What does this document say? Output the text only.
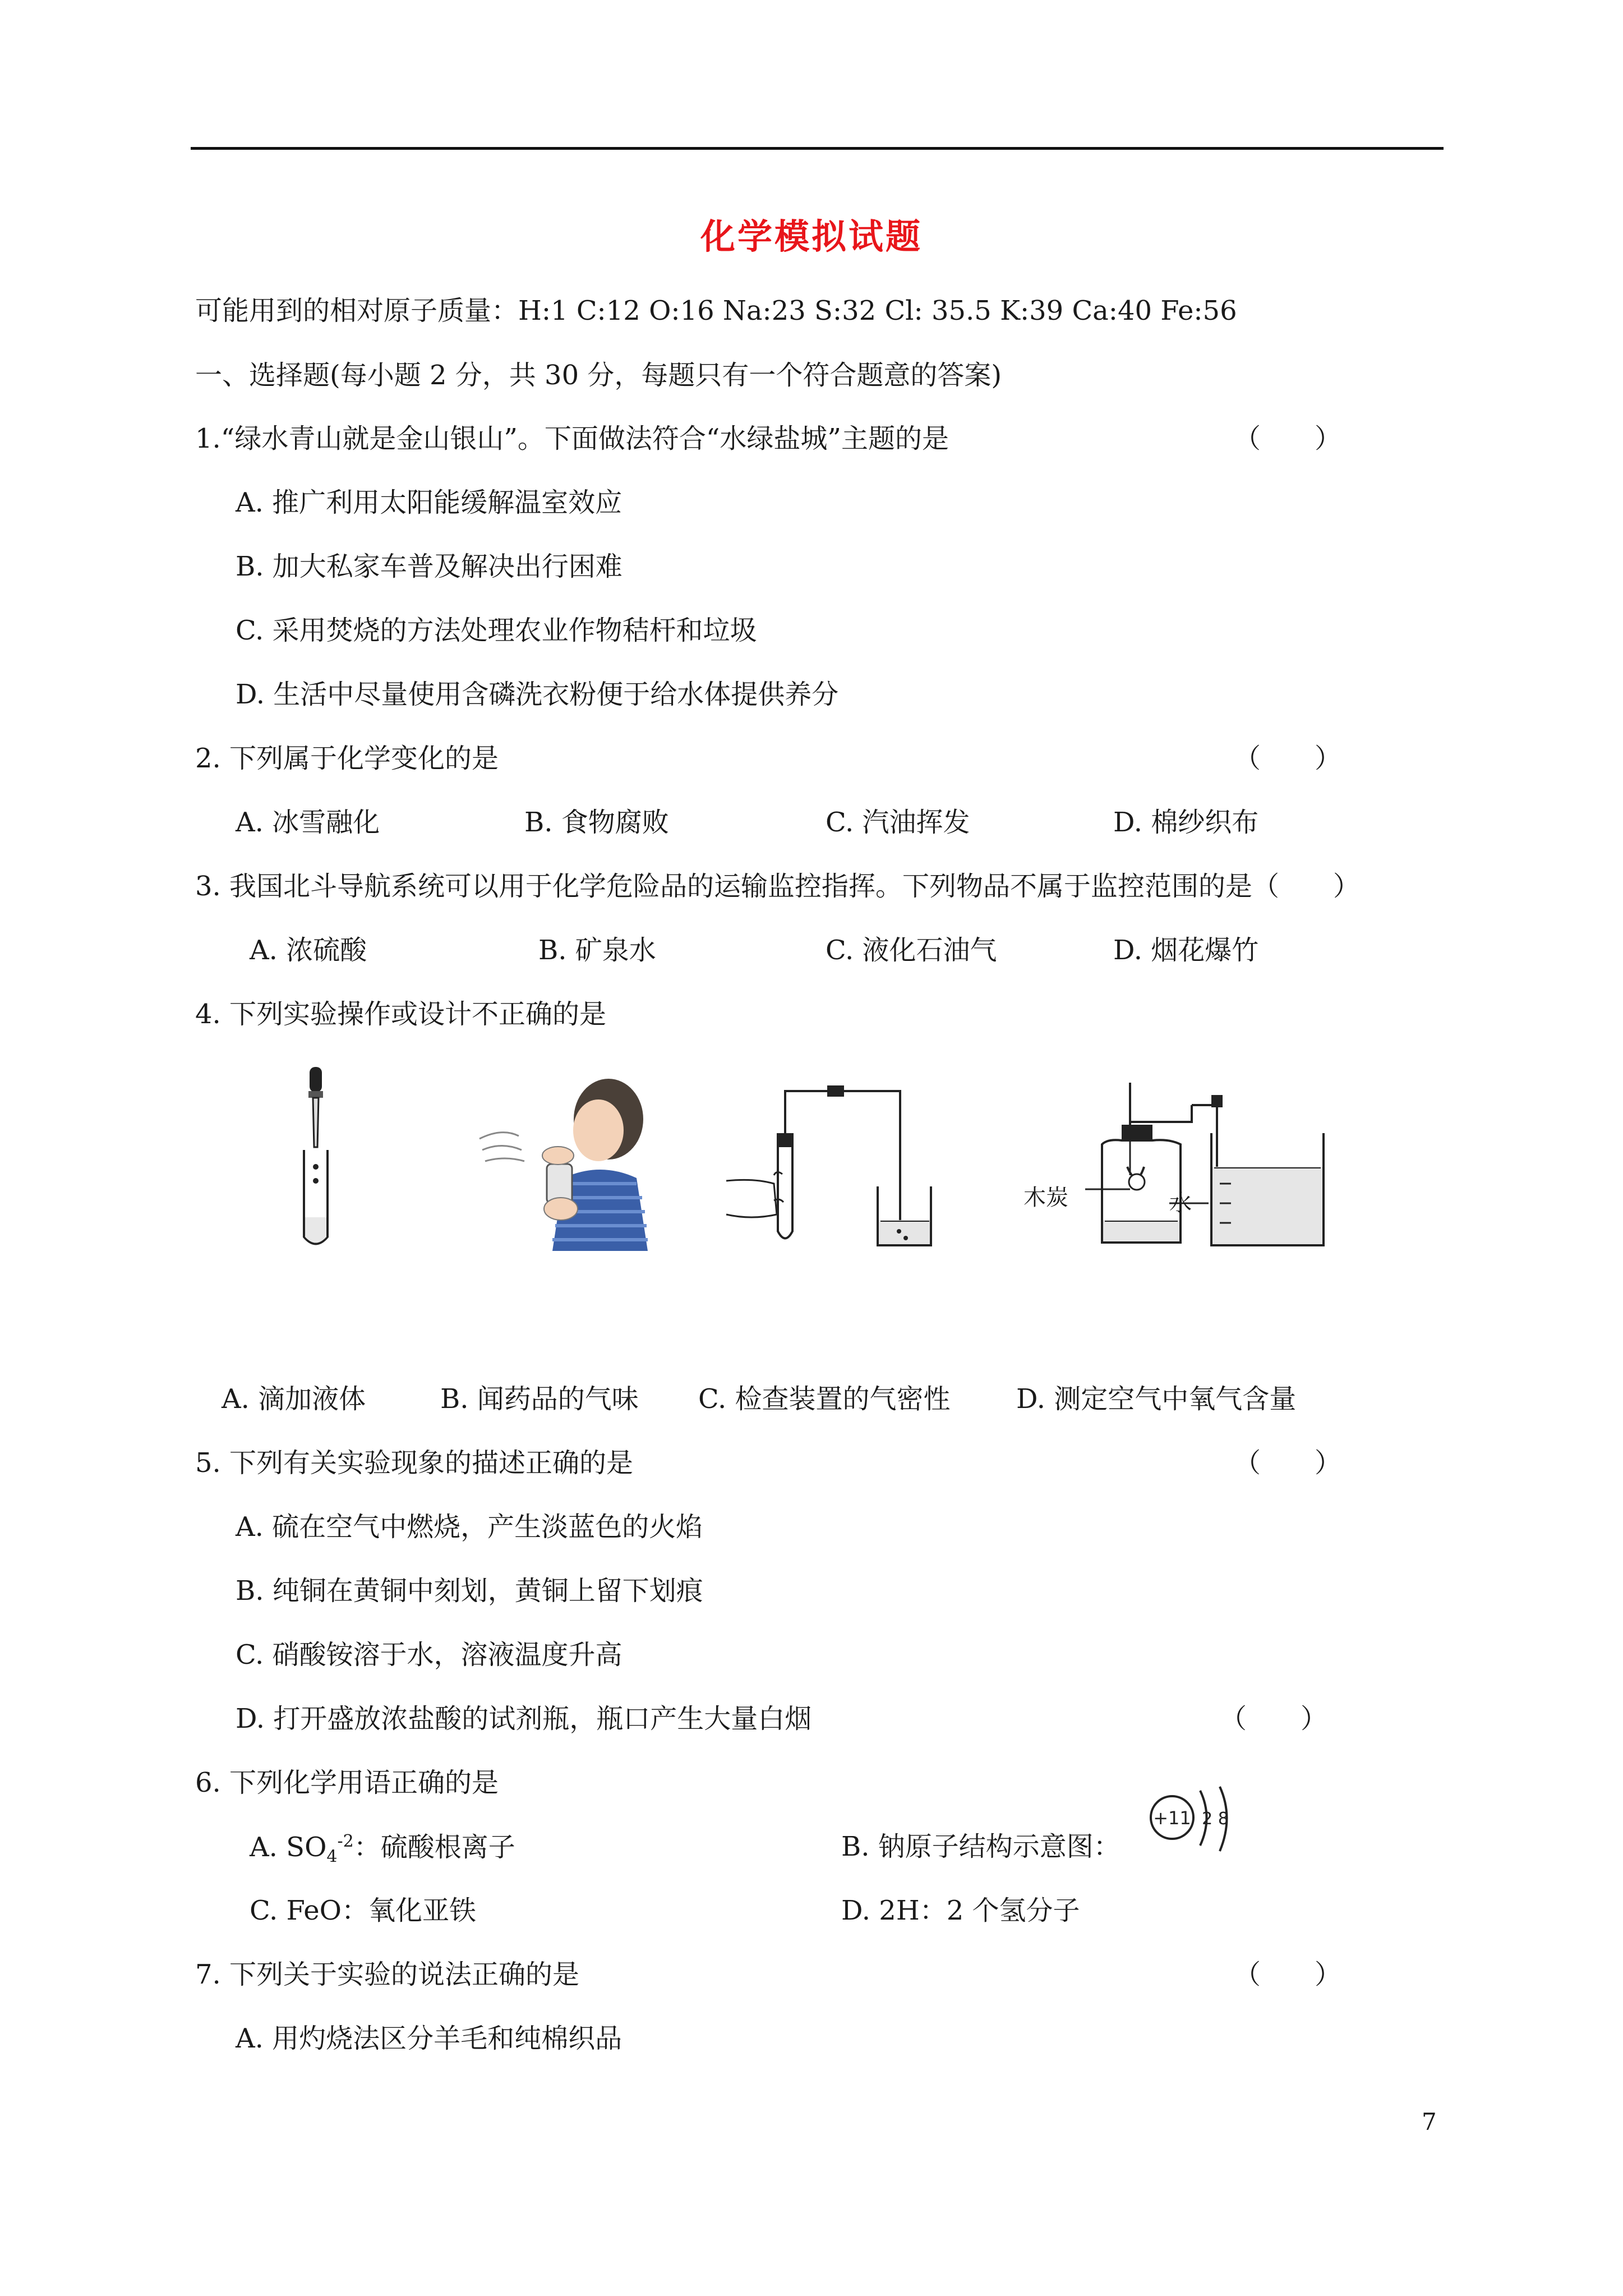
化学模拟试题
可能用到的相对原子质量：H:1 C:12 O:16 Na:23 S:32 Cl: 35.5 K:39 Ca:40 Fe:56
一、选择题(每小题 2 分，共 30 分，每题只有一个符合题意的答案)
1.“绿水青山就是金山银山”。下面做法符合“水绿盐城”主题的是	（　　）
A. 推广利用太阳能缓解温室效应
B. 加大私家车普及解决出行困难
C. 采用焚烧的方法处理农业作物秸杆和垃圾
D. 生活中尽量使用含磷洗衣粉便于给水体提供养分
2. 下列属于化学变化的是	（　　）
A. 冰雪融化	B. 食物腐败	C. 汽油挥发	D. 棉纱织布
3. 我国北斗导航系统可以用于化学危险品的运输监控指挥。下列物品不属于监控范围的是（　　）
A. 浓硫酸	B. 矿泉水	C. 液化石油气	D. 烟花爆竹
4. 下列实验操作或设计不正确的是
木炭	水
A. 滴加液体	B. 闻药品的气味 C. 检查装置的气密性 D. 测定空气中氧气含量
5. 下列有关实验现象的描述正确的是	（　　）
A. 硫在空气中燃烧，产生淡蓝色的火焰
B. 纯铜在黄铜中刻划，黄铜上留下划痕
C. 硝酸铵溶于水，溶液温度升高
D. 打开盛放浓盐酸的试剂瓶，瓶口产生大量白烟	（　　）
6. 下列化学用语正确的是
A. $SO_4^{-2}$：硫酸根离子	B. 钠原子结构示意图：
+11 2 8
C. FeO：氧化亚铁	D. 2H：2 个氢分子
7. 下列关于实验的说法正确的是	（　　）
A. 用灼烧法区分羊毛和纯棉织品
7
